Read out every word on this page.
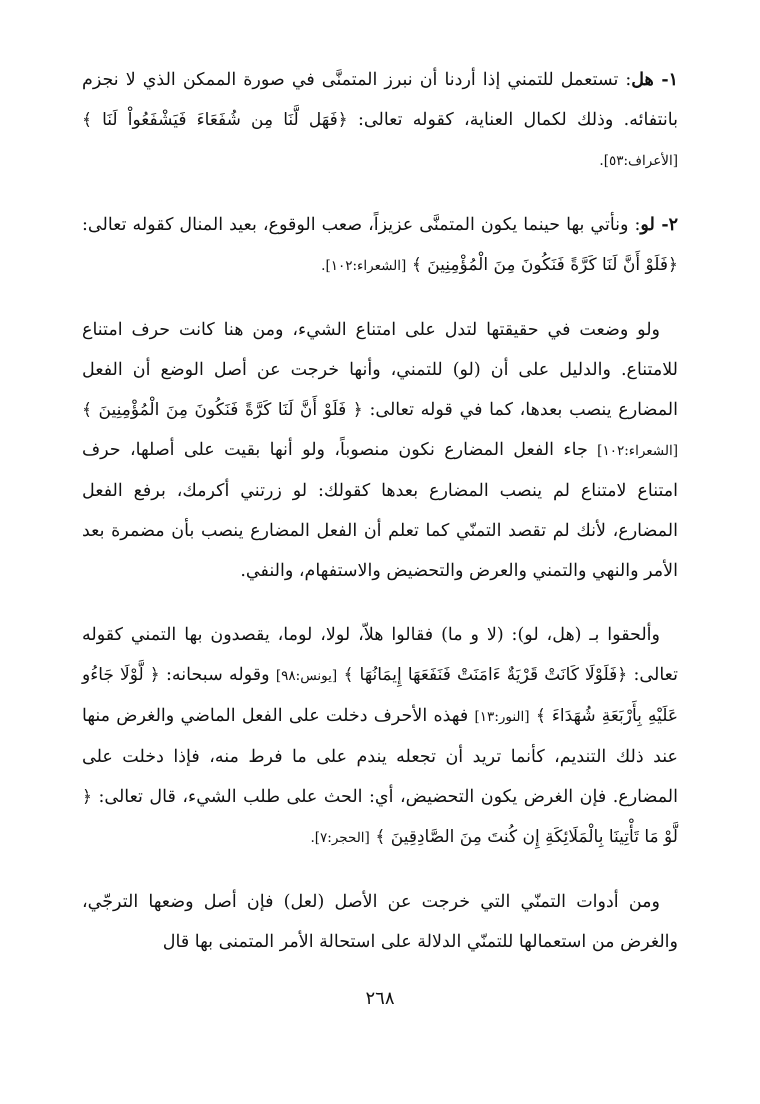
١- هل: تستعمل للتمني إذا أردنا أن نبرز المتمنَّى في صورة الممكن الذي لا نجزم بانتفائه. وذلك لكمال العناية، كقوله تعالى: ﴿فَهَل لَّنَا مِن شُفَعَاءَ فَيَشْفَعُواْ لَنَا ﴾ [الأعراف:٥٣].

٢- لو: ونأتي بها حينما يكون المتمنَّى عزيزاً، صعب الوقوع، بعيد المنال كقوله تعالى: ﴿فَلَوْ أَنَّ لَنَا كَرَّةً فَنَكُونَ مِنَ الْمُؤْمِنِينَ ﴾ [الشعراء:١٠٢].

ولو وضعت في حقيقتها لتدل على امتناع الشيء، ومن هنا كانت حرف امتناع للامتناع. والدليل على أن (لو) للتمني، وأنها خرجت عن أصل الوضع أن الفعل المضارع ينصب بعدها، كما في قوله تعالى: ﴿ فَلَوْ أَنَّ لَنَا كَرَّةً فَنَكُونَ مِنَ الْمُؤْمِنِينَ ﴾ [الشعراء:١٠٢] جاء الفعل المضارع نكون منصوباً، ولو أنها بقيت على أصلها، حرف امتناع لامتناع لم ينصب المضارع بعدها كقولك: لو زرتني أكرمك، برفع الفعل المضارع، لأنك لم تقصد التمنّي كما تعلم أن الفعل المضارع ينصب بأن مضمرة بعد الأمر والنهي والتمني والعرض والتحضيض والاستفهام، والنفي.

وألحقوا بـ (هل، لو): (لا و ما) فقالوا هلاّ، لولا، لوما، يقصدون بها التمني كقوله تعالى: ﴿فَلَوْلَا كَانَتْ قَرْيَةٌ ءَامَنَتْ فَنَفَعَهَا إِيمَانُهَا ﴾ [يونس:٩٨] وقوله سبحانه: ﴿ لَّوْلَا جَاءُو عَلَيْهِ بِأَرْبَعَةِ شُهَدَاءَ ﴾ [النور:١٣] فهذه الأحرف دخلت على الفعل الماضي والغرض منها عند ذلك التنديم، كأنما تريد أن تجعله يندم على ما فرط منه، فإذا دخلت على المضارع. فإن الغرض يكون التحضيض، أي: الحث على طلب الشيء، قال تعالى: ﴿ لَّوْ مَا تَأْتِينَا بِالْمَلَائِكَةِ إِن كُنتَ مِنَ الصَّادِقِينَ ﴾ [الحجر:٧].

ومن أدوات التمنّي التي خرجت عن الأصل (لعل) فإن أصل وضعها الترجّي، والغرض من استعمالها للتمنّي الدلالة على استحالة الأمر المتمنى بها قال

٢٦٨
